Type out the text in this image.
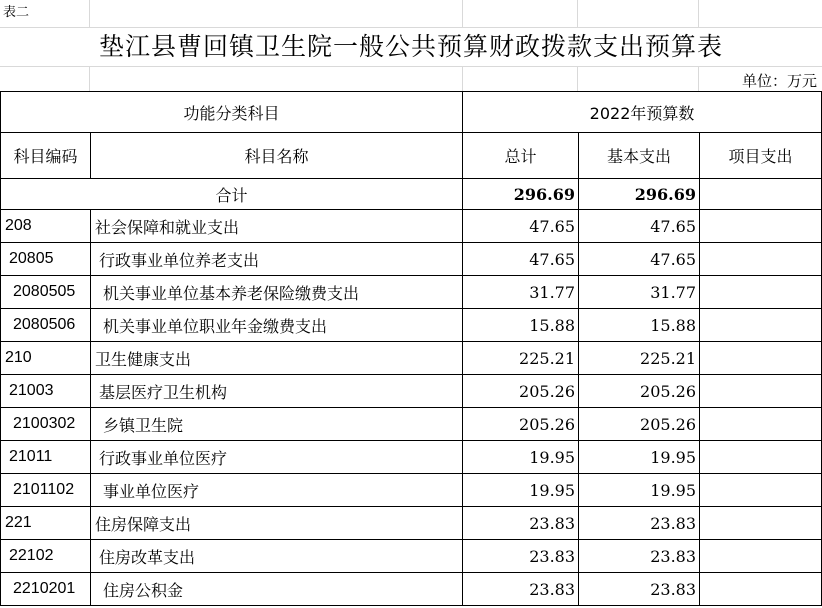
表二
垫江县曹回镇卫生院一般公共预算财政拨款支出预算表
单位：万元
功能分类科目		2022年预算数		
科目编码	科目名称	总计	基本支出	项目支出
合计		296.69	296.69	
208	社会保障和就业支出	47.65	47.65	
20805	行政事业单位养老支出	47.65	47.65	
2080505	机关事业单位基本养老保险缴费支出	31.77	31.77	
2080506	机关事业单位职业年金缴费支出	15.88	15.88	
210	卫生健康支出	225.21	225.21	
21003	基层医疗卫生机构	205.26	205.26	
2100302	乡镇卫生院	205.26	205.26	
21011	行政事业单位医疗	19.95	19.95	
2101102	事业单位医疗	19.95	19.95	
221	住房保障支出	23.83	23.83	
22102	住房改革支出	23.83	23.83	
2210201	住房公积金	23.83	23.83	
